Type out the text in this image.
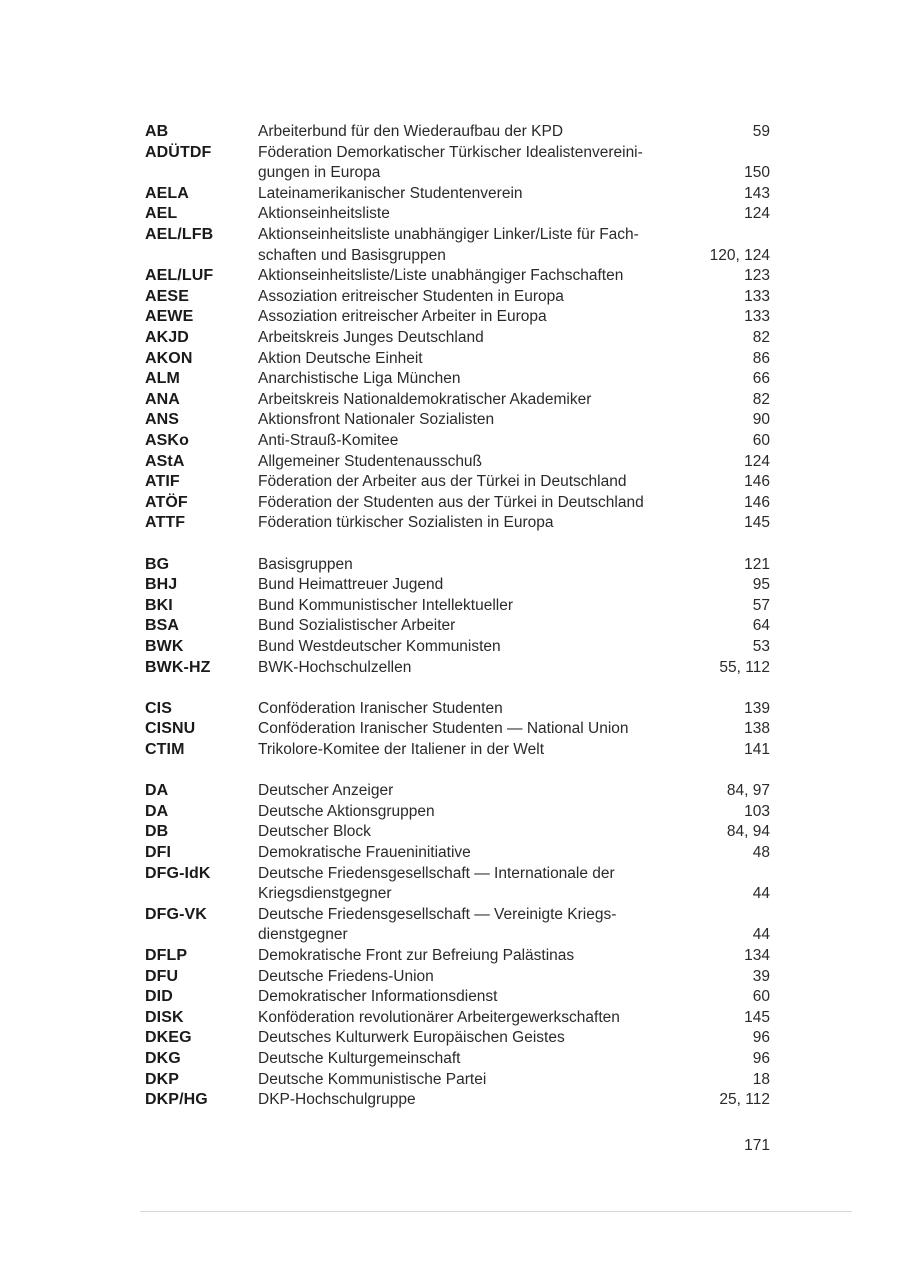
AB	Arbeiterbund für den Wiederaufbau der KPD	59
ADÜTDF	Föderation Demorkatischer Türkischer Idealistenvereini-
gungen in Europa	150
AELA	Lateinamerikanischer Studentenverein	143
AEL	Aktionseinheitsliste	124
AEL/LFB	Aktionseinheitsliste unabhängiger Linker/Liste für Fach-
schaften und Basisgruppen	120, 124
AEL/LUF	Aktionseinheitsliste/Liste unabhängiger Fachschaften	123
AESE	Assoziation eritreischer Studenten in Europa	133
AEWE	Assoziation eritreischer Arbeiter in Europa	133
AKJD	Arbeitskreis Junges Deutschland	82
AKON	Aktion Deutsche Einheit	86
ALM	Anarchistische Liga München	66
ANA	Arbeitskreis Nationaldemokratischer Akademiker	82
ANS	Aktionsfront Nationaler Sozialisten	90
ASKo	Anti-Strauß-Komitee	60
AStA	Allgemeiner Studentenausschuß	124
ATIF	Föderation der Arbeiter aus der Türkei in Deutschland	146
ATÖF	Föderation der Studenten aus der Türkei in Deutschland	146
ATTF	Föderation türkischer Sozialisten in Europa	145
BG	Basisgruppen	121
BHJ	Bund Heimattreuer Jugend	95
BKI	Bund Kommunistischer Intellektueller	57
BSA	Bund Sozialistischer Arbeiter	64
BWK	Bund Westdeutscher Kommunisten	53
BWK-HZ	BWK-Hochschulzellen	55, 112
CIS	Conföderation Iranischer Studenten	139
CISNU	Conföderation Iranischer Studenten — National Union	138
CTIM	Trikolore-Komitee der Italiener in der Welt	141
DA	Deutscher Anzeiger	84, 97
DA	Deutsche Aktionsgruppen	103
DB	Deutscher Block	84, 94
DFI	Demokratische Fraueninitiative	48
DFG-IdK	Deutsche Friedensgesellschaft — Internationale der
Kriegsdienstgegner	44
DFG-VK	Deutsche Friedensgesellschaft — Vereinigte Kriegs-
dienstgegner	44
DFLP	Demokratische Front zur Befreiung Palästinas	134
DFU	Deutsche Friedens-Union	39
DID	Demokratischer Informationsdienst	60
DISK	Konföderation revolutionärer Arbeitergewerkschaften	145
DKEG	Deutsches Kulturwerk Europäischen Geistes	96
DKG	Deutsche Kulturgemeinschaft	96
DKP	Deutsche Kommunistische Partei	18
DKP/HG	DKP-Hochschulgruppe	25, 112
171
